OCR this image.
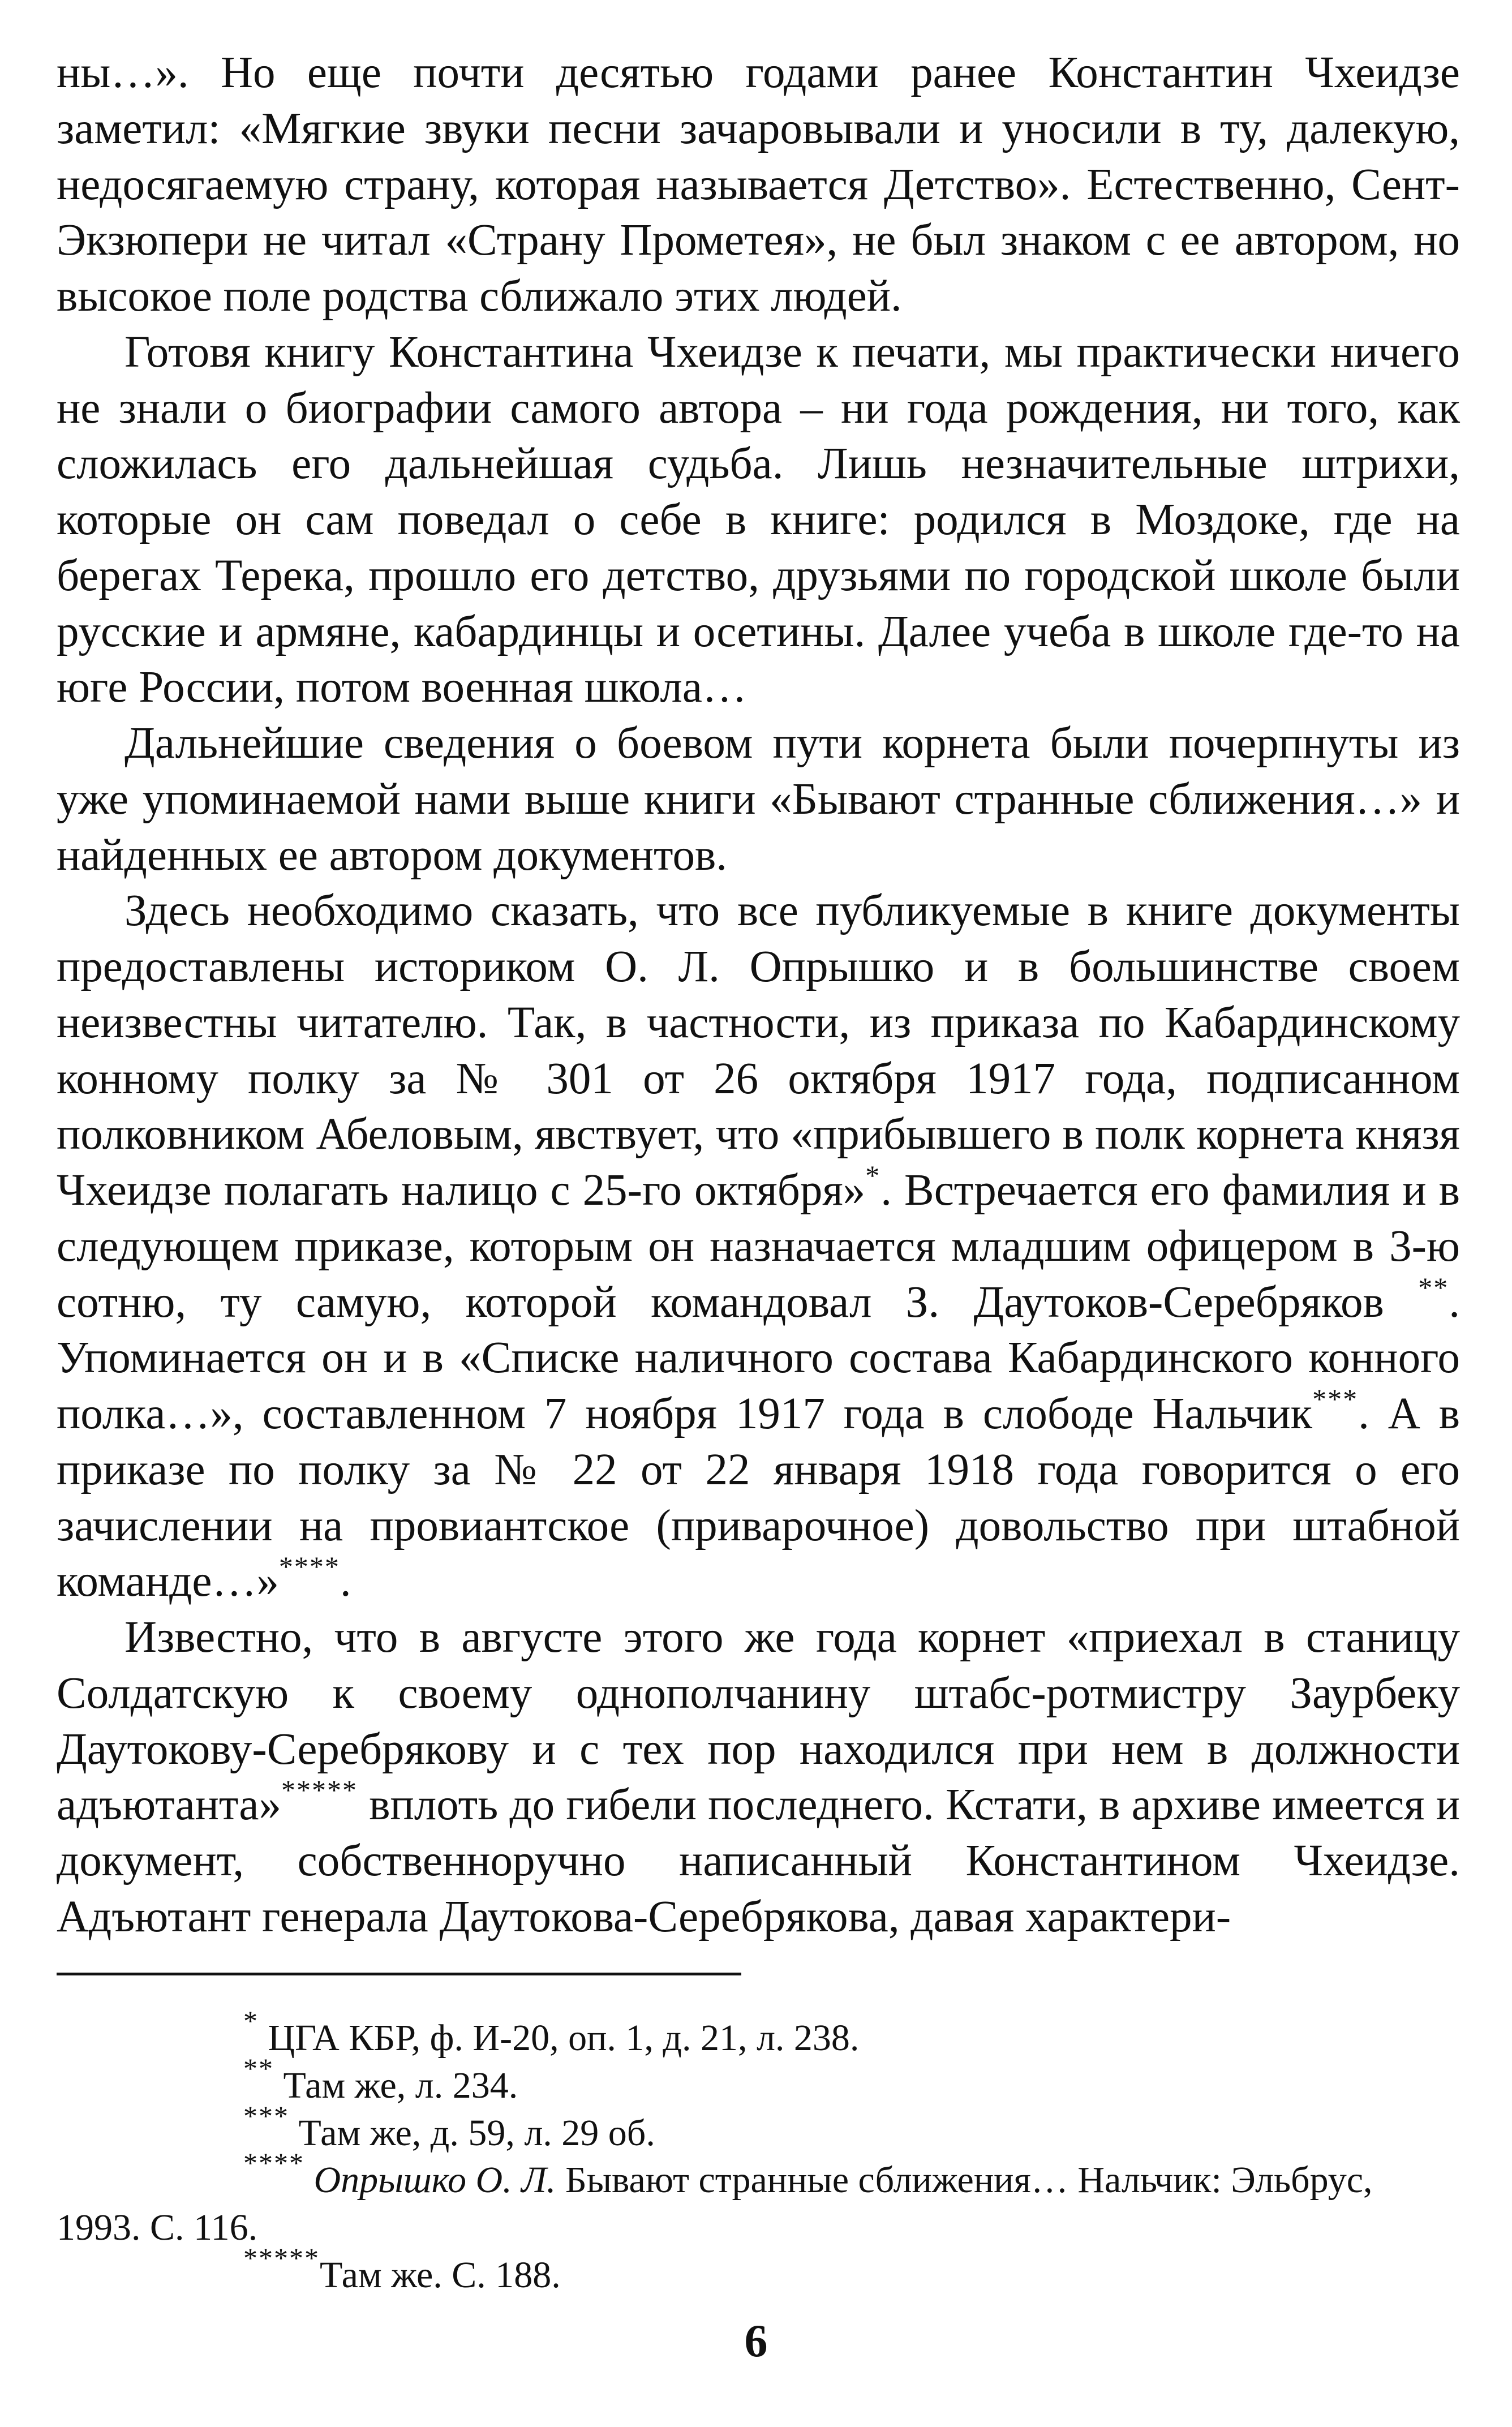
ны…». Но еще почти десятью годами ранее Константин Чхеидзе заметил: «Мягкие звуки песни зачаровывали и уносили в ту, далекую, недосягаемую страну, которая называется Детство». Естественно, Сент-Экзюпери не читал «Страну Прометея», не был знаком с ее автором, но высокое поле родства сближало этих людей.

Готовя книгу Константина Чхеидзе к печати, мы практически ничего не знали о биографии самого автора – ни года рождения, ни того, как сложилась его дальнейшая судьба. Лишь незначительные штрихи, которые он сам поведал о себе в книге: родился в Моздоке, где на берегах Терека, прошло его детство, друзьями по городской школе были русские и армяне, кабардинцы и осетины. Далее учеба в школе где-то на юге России, потом военная школа…

Дальнейшие сведения о боевом пути корнета были почерпнуты из уже упоминаемой нами выше книги «Бывают странные сближения…» и найденных ее автором документов.

Здесь необходимо сказать, что все публикуемые в книге документы предоставлены историком О. Л. Опрышко и в большинстве своем неизвестны читателю. Так, в частности, из приказа по Кабардинскому конному полку за № 301 от 26 октября 1917 года, подписанном полковником Абеловым, явствует, что «прибывшего в полк корнета князя Чхеидзе полагать налицо с 25-го октября»*. Встречается его фамилия и в следующем приказе, которым он назначается младшим офицером в 3-ю сотню, ту самую, которой командовал З. Даутоков-Серебряков **. Упоминается он и в «Списке наличного состава Кабардинского конного полка…», составленном 7 ноября 1917 года в слободе Нальчик***. А в приказе по полку за № 22 от 22 января 1918 года говорится о его зачислении на провиантское (приварочное) довольство при штабной команде…»****.

Известно, что в августе этого же года корнет «приехал в станицу Солдатскую к своему однополчанину штабс-ротмистру Заурбеку Даутокову-Серебрякову и с тех пор находился при нем в должности адъютанта»***** вплоть до гибели последнего. Кстати, в архиве имеется и документ, собственноручно написанный Константином Чхеидзе. Адъютант генерала Даутокова-Серебрякова, давая характери-

* ЦГА КБР, ф. И-20, оп. 1, д. 21, л. 238.

** Там же, л. 234.

*** Там же, д. 59, л. 29 об.

**** Опрышко О. Л. Бывают странные сближения… Нальчик: Эльбрус,

1993. С. 116.

*****Там же. С. 188.

6
